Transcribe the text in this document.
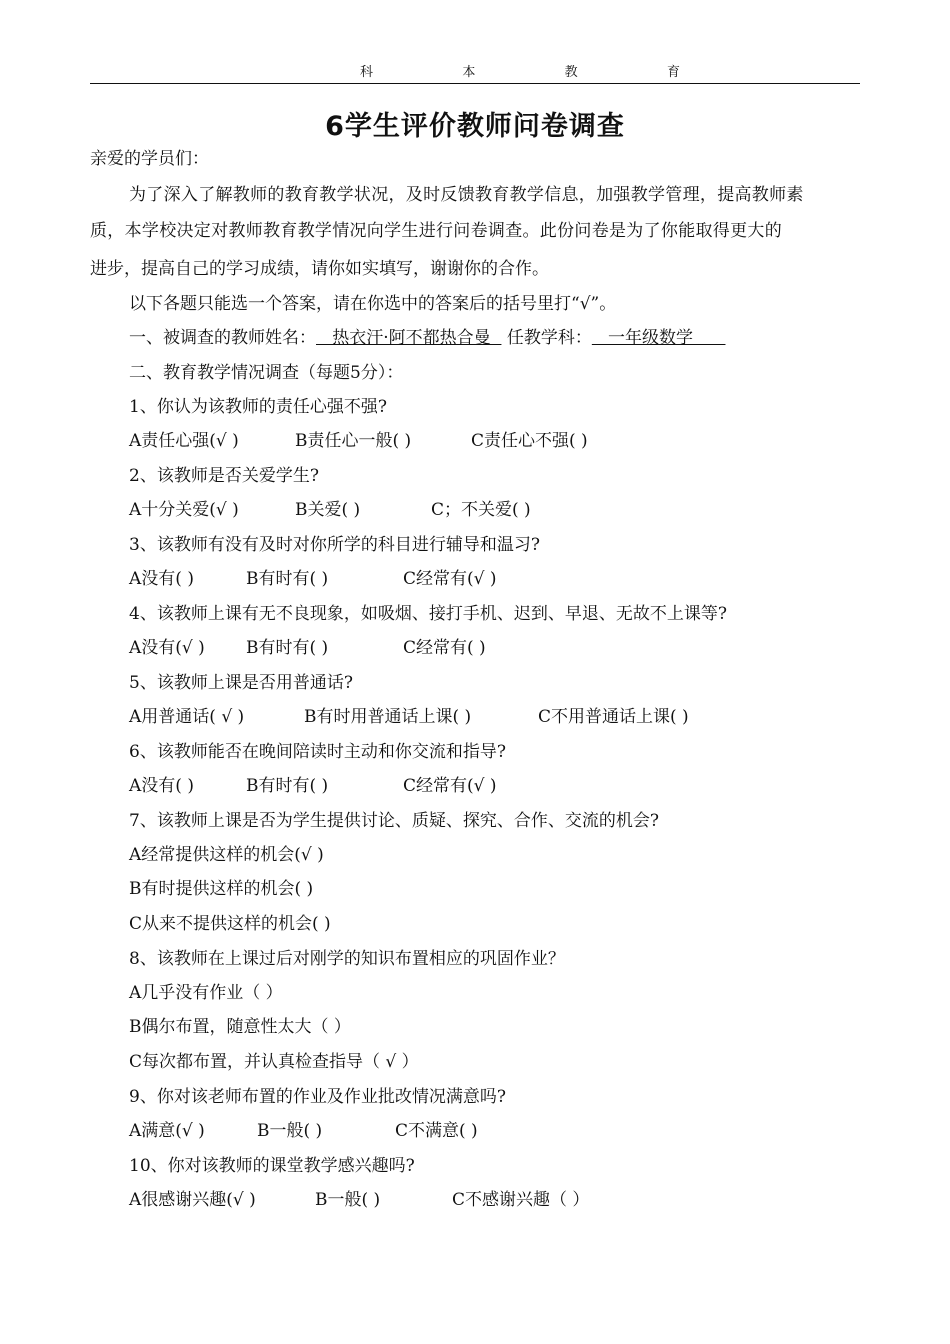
科	本	教	育
6学生评价教师问卷调查
亲爱的学员们：
为了深入了解教师的教育教学状况，及时反馈教育教学信息，加强教学管理，提高教师素
质，本学校决定对教师教育教学情况向学生进行问卷调查。此份问卷是为了你能取得更大的
进步，提高自己的学习成绩，请你如实填写，谢谢你的合作。
以下各题只能选一个答案，请在你选中的答案后的括号里打“√”。
一、被调查的教师姓名：   热衣汗·阿不都热合曼   任教学科：   一年级数学
二、教育教学情况调查（每题5分）：
1、你认为该教师的责任心强不强?
A责任心强(√ )	B责任心一般( )	C责任心不强( )
2、该教师是否关爱学生?
A十分关爱(√ )	B关爱( )	C；不关爱( )
3、该教师有没有及时对你所学的科目进行辅导和温习?
A没有( )	B有时有( )	C经常有(√ )
4、该教师上课有无不良现象，如吸烟、接打手机、迟到、早退、无故不上课等?
A没有(√ ) B有时有( )	C经常有( )
5、该教师上课是否用普通话?
A用普通话( √ )	B有时用普通话上课( )	C不用普通话上课( )
6、该教师能否在晚间陪读时主动和你交流和指导?
A没有( )	B有时有( )	C经常有(√ )
7、该教师上课是否为学生提供讨论、质疑、探究、合作、交流的机会?
A经常提供这样的机会(√ )
B有时提供这样的机会( )
C从来不提供这样的机会( )
8、该教师在上课过后对刚学的知识布置相应的巩固作业？
A几乎没有作业（ ）
B偶尔布置，随意性太大（ ）
C每次都布置，并认真检查指导（ √ ）
9、你对该老师布置的作业及作业批改情况满意吗?
A满意(√ )	B一般( )	C不满意( )
10、你对该教师的课堂教学感兴趣吗?
A很感谢兴趣(√ )	B一般( )	C不感谢兴趣（ ）
